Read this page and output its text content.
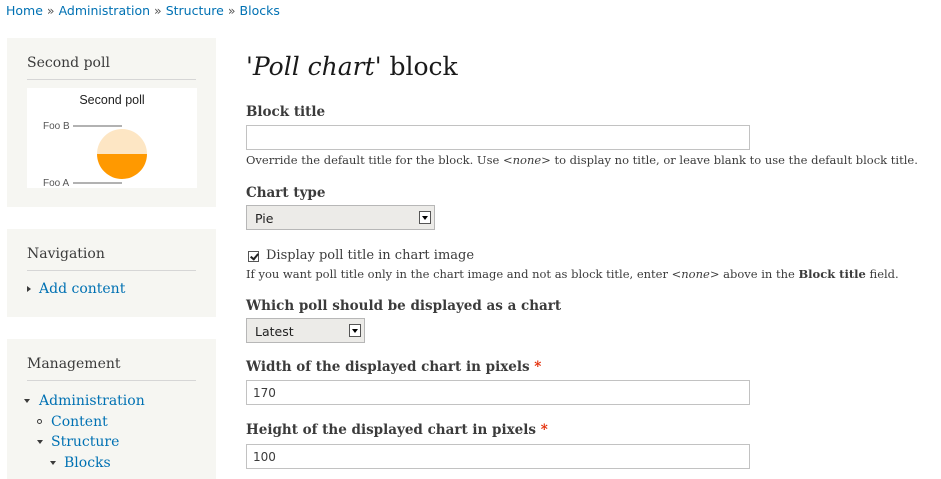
Home » Administration » Structure » Blocks
Second poll
Second poll
Foo B
Foo A
Navigation
Add content
Management
Administration
Content
Structure
Blocks
'Poll chart' block
Block title
Override the default title for the block. Use <none> to display no title, or leave blank to use the default block title.
Chart type
Pie
Display poll title in chart image
If you want poll title only in the chart image and not as block title, enter <none> above in the Block title field.
Which poll should be displayed as a chart
Latest
Width of the displayed chart in pixels *
170
Height of the displayed chart in pixels *
100
